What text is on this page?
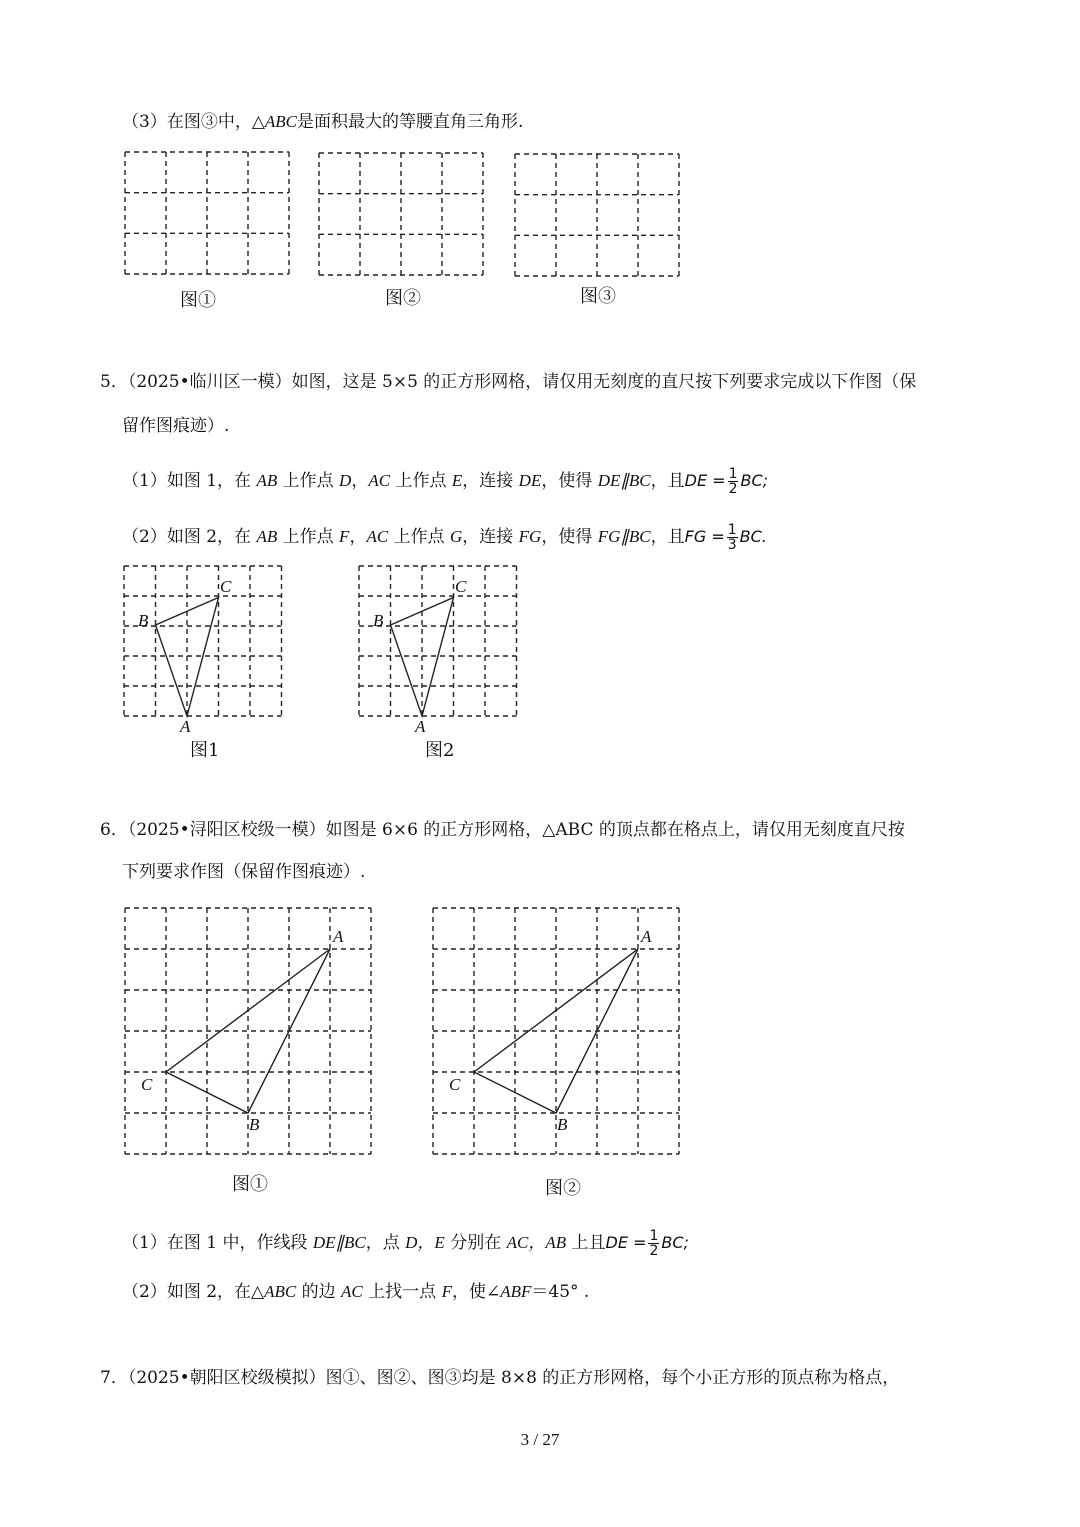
（3）在图③中，△ABC是面积最大的等腰直角三角形.
图①	图②	图③
5．（2025•临川区一模）如图，这是 5×5 的正方形网格，请仅用无刻度的直尺按下列要求完成以下作图（保
留作图痕迹）.
（1）如图 1，在 AB 上作点 D，AC 上作点 E，连接 DE，使得 DE∥BC，且DE = $\frac{1}{2}$ BC;
（2）如图 2，在 AB 上作点 F，AC 上作点 G，连接 FG，使得 FG∥BC，且FG = $\frac{1}{3}$ BC.
C
B
A
C
B
A
图1	图2
6．（2025•浔阳区校级一模）如图是 6×6 的正方形网格，△ABC 的顶点都在格点上，请仅用无刻度直尺按
下列要求作图（保留作图痕迹）.
A
C
B
A
C
B
图①	图②
（1）在图 1 中，作线段 DE∥BC，点 D，E 分别在 AC，AB 上且DE = $\frac{1}{2}$ BC;
（2）如图 2，在△ABC 的边 AC 上找一点 F，使∠ABF＝45° .
7．（2025•朝阳区校级模拟）图①、图②、图③均是 8×8 的正方形网格，每个小正方形的顶点称为格点，
3 / 27
